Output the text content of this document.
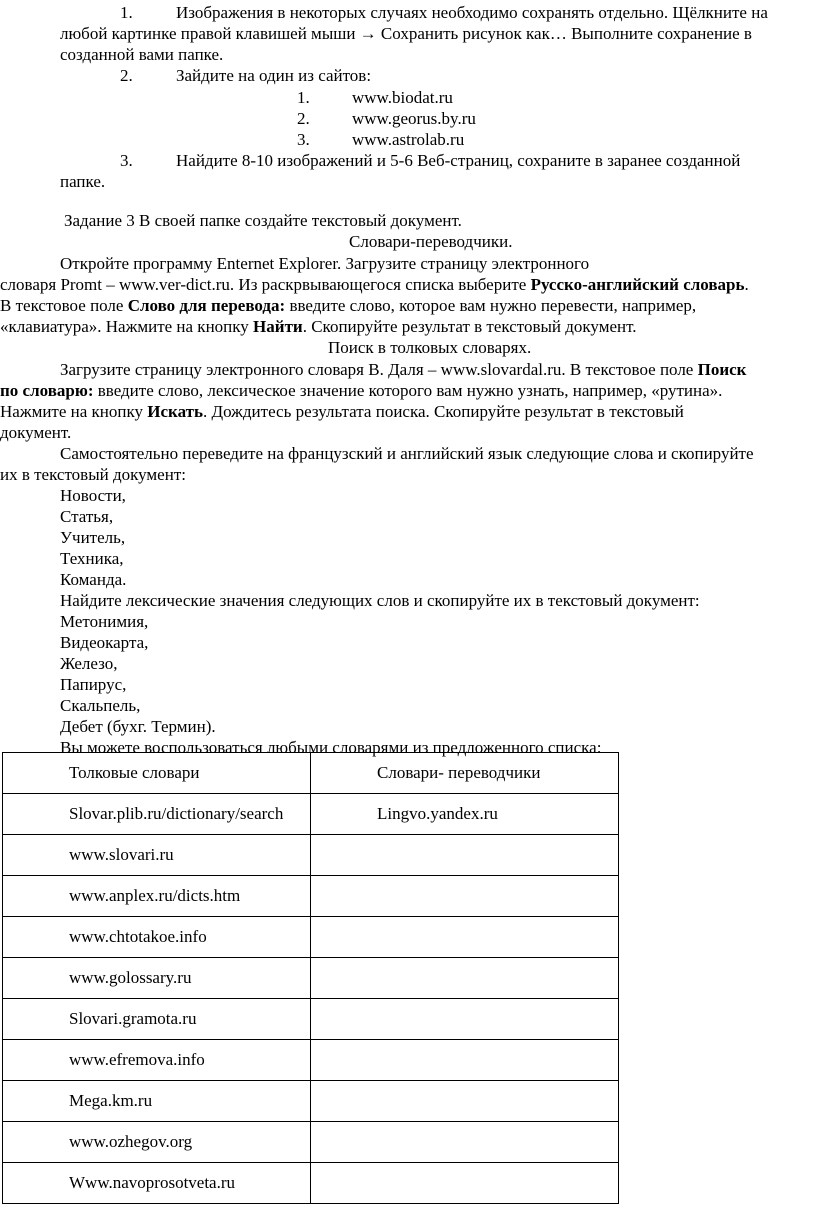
1.	Изображения в некоторых случаях необходимо сохранять отдельно. Щёлкните на
любой картинке правой клавишей мыши → Сохранить рисунок как… Выполните сохранение в
созданной вами папке.
2.	Зайдите на один из сайтов:
1. www.biodat.ru
2. www.georus.by.ru
3. www.astrolab.ru
3.	Найдите 8-10 изображений и 5-6 Веб-страниц, сохраните в заранее созданной
папке.
Задание 3 В своей папке создайте текстовый документ.
Словари-переводчики.
Откройте программу Enternet Explorer. Загрузите страницу электронного
словаря Promt – www.ver-dict.ru. Из раскрвывающегося списка выберите Русско-английский словарь.
В текстовое поле Слово для перевода: введите слово, которое вам нужно перевести, например,
«клавиатура». Нажмите на кнопку Найти. Скопируйте результат в текстовый документ.
Поиск в толковых словарях.
Загрузите страницу электронного словаря В. Даля – www.slovardal.ru. В текстовое поле Поиск
по словарю: введите слово, лексическое значение которого вам нужно узнать, например, «рутина».
Нажмите на кнопку Искать. Дождитесь результата поиска. Скопируйте результат в текстовый
документ.
Самостоятельно переведите на французский и английский язык следующие слова и скопируйте
их в текстовый документ:
Новости,
Статья,
Учитель,
Техника,
Команда.
Найдите лексические значения следующих слов и скопируйте их в текстовый документ:
Метонимия,
Видеокарта,
Железо,
Папирус,
Скальпель,
Дебет (бухг. Термин).
Вы можете воспользоваться любыми словарями из предложенного списка:
Толковые словари	Словари- переводчики
Slovar.plib.ru/dictionary/search	Lingvo.yandex.ru
www.slovari.ru	
www.anplex.ru/dicts.htm	
www.chtotakoe.info	
www.golossary.ru	
Slovari.gramota.ru	
www.efremova.info	
Mega.km.ru	
www.ozhegov.org	
Www.navoprosotveta.ru	
